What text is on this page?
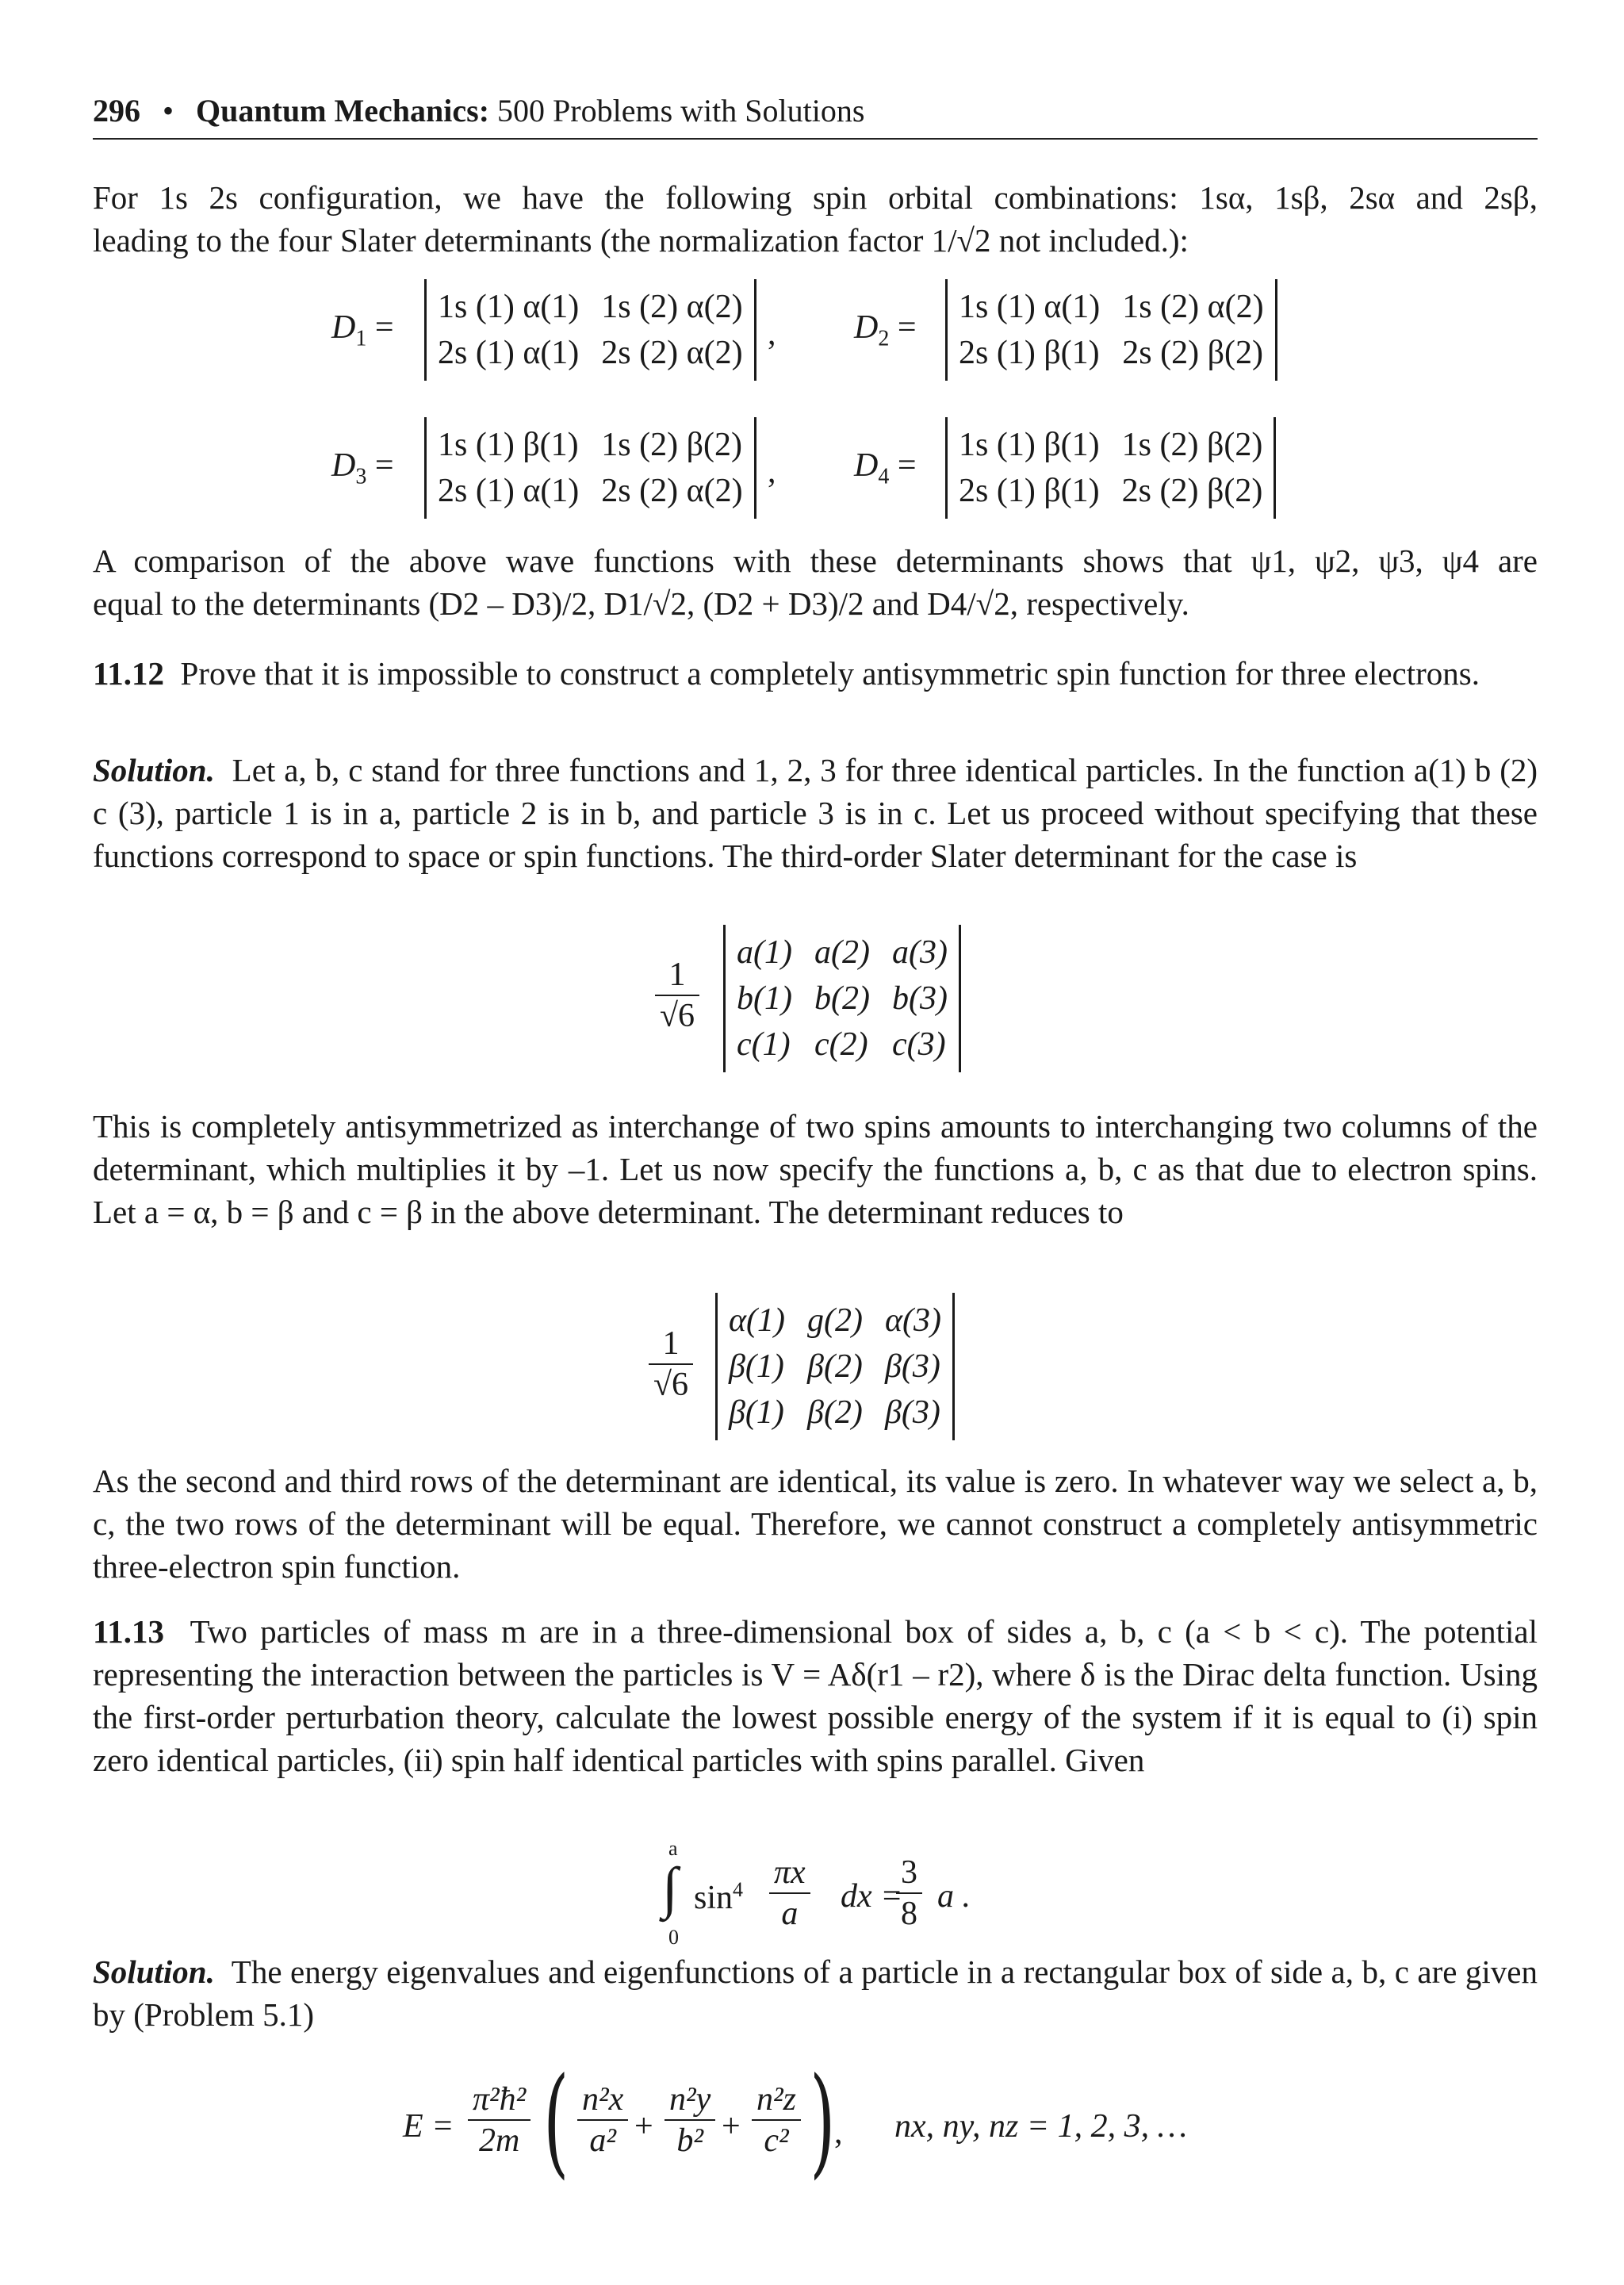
296 • Quantum Mechanics: 500 Problems with Solutions

For 1s 2s configuration, we have the following spin orbital combinations: 1sα, 1sβ, 2sα and 2sβ,

leading to the four Slater determinants (the normalization factor 1/√2 not included.):

$D_1$ =
1s (1) α(1)	1s (2) α(2)
2s (1) α(1)	2s (2) α(2)
, $D_2$ =
1s (1) α(1)	1s (2) α(2)
2s (1) β(1)	2s (2) β(2)
$D_3$ =
1s (1) β(1)	1s (2) β(2)
2s (1) α(1)	2s (2) α(2)
, $D_4$ =
1s (1) β(1)	1s (2) β(2)
2s (1) β(1)	2s (2) β(2)

A comparison of the above wave functions with these determinants shows that ψ1, ψ2, ψ3, ψ4 are

equal to the determinants (D2 – D3)/2, D1/√2, (D2 + D3)/2 and D4/√2, respectively.

11.12 Prove that it is impossible to construct a completely antisymmetric spin function for three electrons.

Solution. Let a, b, c stand for three functions and 1, 2, 3 for three identical particles. In the function a(1) b (2) c (3), particle 1 is in a, particle 2 is in b, and particle 3 is in c. Let us proceed without specifying that these functions correspond to space or spin functions. The third-order Slater determinant for the case is

$\frac{1}{√6}$
a(1)	a(2)	a(3)
b(1)	b(2)	b(3)
c(1)	c(2)	c(3)

This is completely antisymmetrized as interchange of two spins amounts to interchanging two columns of the determinant, which multiplies it by –1. Let us now specify the functions a, b, c as that due to electron spins. Let a = α, b = β and c = β in the above determinant. The determinant reduces to

$\frac{1}{√6}$
α(1)	g(2)	α(3)
β(1)	β(2)	β(3)
β(1)	β(2)	β(3)

As the second and third rows of the determinant are identical, its value is zero. In whatever way we select a, b, c, the two rows of the determinant will be equal. Therefore, we cannot construct a completely antisymmetric three-electron spin function.

11.13 Two particles of mass m are in a three-dimensional box of sides a, b, c (a < b < c). The potential representing the interaction between the particles is V = Aδ(r1 – r2), where δ is the Dirac delta function. Using the first-order perturbation theory, calculate the lowest possible energy of the system if it is equal to (i) spin zero identical particles, (ii) spin half identical particles with spins parallel. Given

a
∫
0
$\sin^4 \frac{\pi x}{a}$ dx =
$\frac{3}{8}$ a .

Solution. The energy eigenvalues and eigenfunctions of a particle in a rectangular box of side a, b, c are given by (Problem 5.1)

$E = \frac{\text{π²ħ²}}{2m}$ ( $\frac{\text{n²x}}{\text{a²}} + \frac{\text{n²y}}{\text{b²}} + \frac{\text{n²z}}{\text{c²}}$ )
, nx, ny, nz = 1, 2, 3, …
